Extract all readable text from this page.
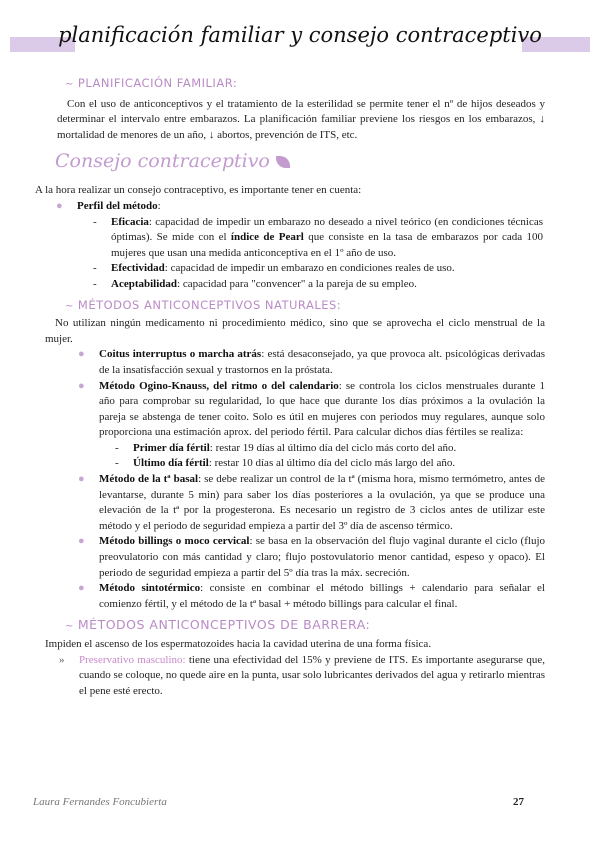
planificación familiar y consejo contraceptivo
~ PLANIFICACIÓN FAMILIAR:

Con el uso de anticonceptivos y el tratamiento de la esterilidad se permite tener el nº de hijos deseados y determinar el intervalo entre embarazos. La planificación familiar previene los riesgos en los embarazos, ↓ mortalidad de menores de un año, ↓ abortos, prevención de ITS, etc.

Consejo contraceptivo

A la hora realizar un consejo contraceptivo, es importante tener en cuenta:

● Perfil del método:
- Eficacia: capacidad de impedir un embarazo no deseado a nivel teórico (en condiciones técnicas óptimas). Se mide con el índice de Pearl que consiste en la tasa de embarazos por cada 100 mujeres que usan una medida anticonceptiva en el 1º año de uso.
- Efectividad: capacidad de impedir un embarazo en condiciones reales de uso.
- Aceptabilidad: capacidad para "convencer" a la pareja de su empleo.
~ MÉTODOS ANTICONCEPTIVOS NATURALES:

No utilizan ningún medicamento ni procedimiento médico, sino que se aprovecha el ciclo menstrual de la mujer.

● Coitus interruptus o marcha atrás: está desaconsejado, ya que provoca alt. psicológicas derivadas de la insatisfacción sexual y trastornos en la próstata.
● Método Ogino-Knauss, del ritmo o del calendario: se controla los ciclos menstruales durante 1 año para comprobar su regularidad, lo que hace que durante los días próximos a la ovulación la pareja se abstenga de tener coito. Solo es útil en mujeres con periodos muy regulares, aunque solo proporciona una estimación aprox. del periodo fértil. Para calcular dichos días fértiles se realiza:
- Primer día fértil: restar 19 días al último día del ciclo más corto del año.
- Último día fértil: restar 10 días al último día del ciclo más largo del año.
● Método de la tª basal: se debe realizar un control de la tª (misma hora, mismo termómetro, antes de levantarse, durante 5 min) para saber los días posteriores a la ovulación, ya que se produce una elevación de la tª por la progesterona. Es necesario un registro de 3 ciclos antes de utilizar este método y el periodo de seguridad empieza a partir del 3º día de ascenso térmico.
● Método billings o moco cervical: se basa en la observación del flujo vaginal durante el ciclo (flujo preovulatorio con más cantidad y claro; flujo postovulatorio menor cantidad, espeso y opaco). El periodo de seguridad empieza a partir del 5º día tras la máx. secreción.
● Método sintotérmico: consiste en combinar el método billings + calendario para señalar el comienzo fértil, y el método de la tª basal + método billings para calcular el final.
~ MÉTODOS ANTICONCEPTIVOS DE BARRERA:

Impiden el ascenso de los espermatozoides hacia la cavidad uterina de una forma física.

» Preservativo masculino: tiene una efectividad del 15% y previene de ITS. Es importante asegurarse que, cuando se coloque, no quede aire en la punta, usar solo lubricantes derivados del agua y retirarlo mientras el pene esté erecto.
Laura Fernandes Foncubierta	27
